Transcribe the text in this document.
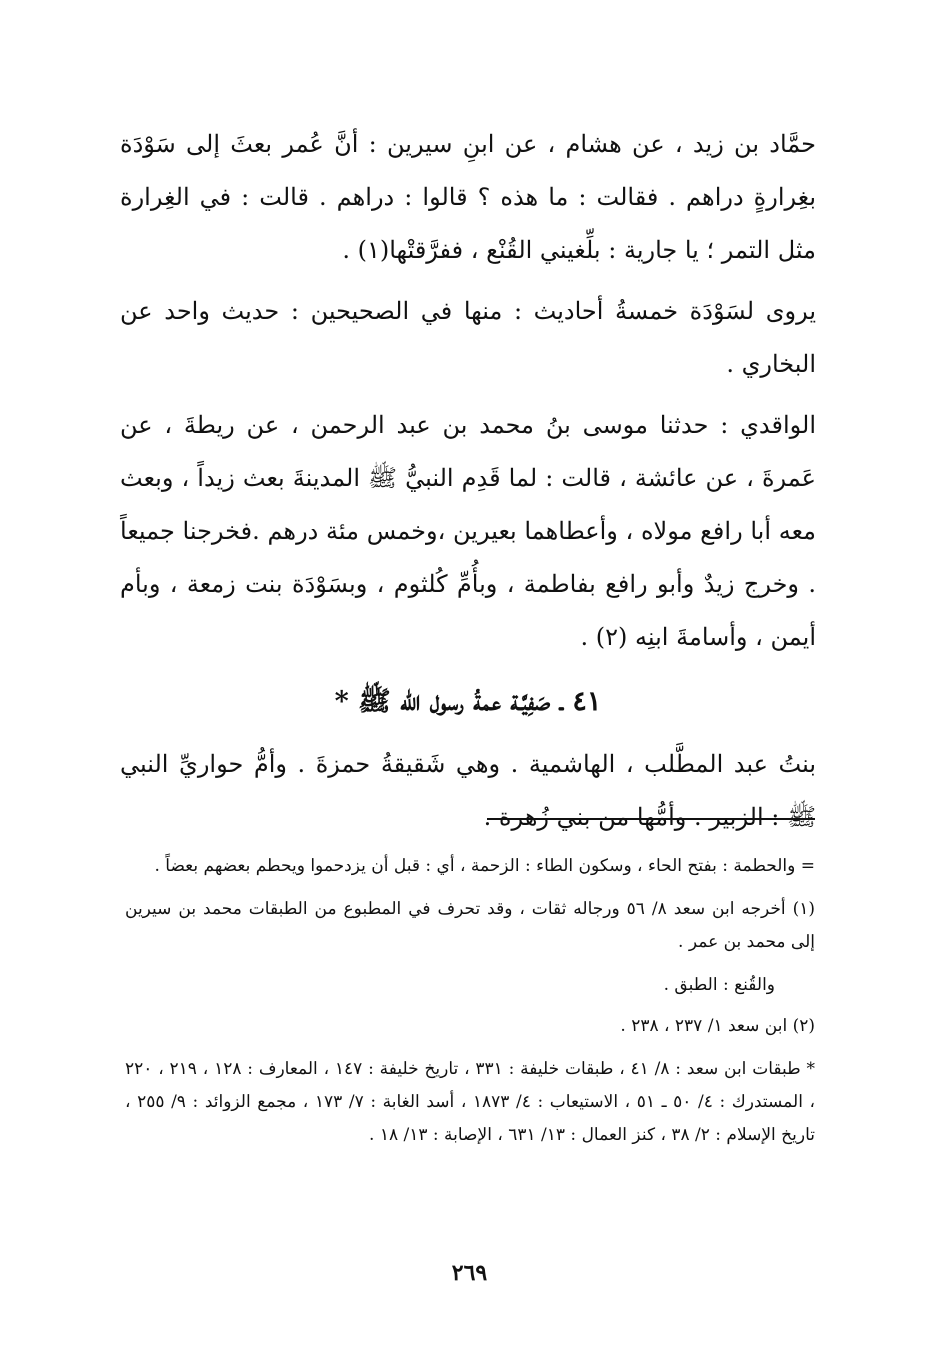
حمَّاد بن زيد ، عن هشام ، عن ابنِ سيرين : أنَّ عُمر بعثَ إلى سَوْدَة بغِرارةٍ دراهم . فقالت : ما هذه ؟ قالوا : دراهم . قالت : في الغِرارة مثل التمر ؛ يا جارية : بلِّغيني القُنْع ، ففرَّقتْها(١) .

يروى لسَوْدَة خمسةُ أحاديث : منها في الصحيحين : حديث واحد عن البخاري .

الواقدي : حدثنا موسى بنُ محمد بن عبد الرحمن ، عن ريطةَ ، عن عَمرةَ ، عن عائشة ، قالت : لما قَدِم النبيُّ ﷺ المدينةَ بعث زيداً ، وبعث معه أبا رافع مولاه ، وأعطاهما بعيرين ،وخمس مئة درهم .فخرجنا جميعاً . وخرج زيدٌ وأبو رافع بفاطمة ، وبأُمِّ كُلثوم ، وبسَوْدَة بنت زمعة ، وبأم أيمن ، وأسامةَ ابنِه (٢) .

٤١ ـ صَفِيَّـة عمةُ رسول الله ﷺ *

بنتُ عبد المطَّلب ، الهاشمية . وهي شَقيقةُ حمزةَ . وأمُّ حواريِّ النبي ﷺ : الزبير . وأمُّها من بني زُهرة .

= والحطمة : بفتح الحاء ، وسكون الطاء : الزحمة ، أي : قبل أن يزدحموا ويحطم بعضهم بعضاً .

(١) أخرجه ابن سعد ٨/ ٥٦ ورجاله ثقات ، وقد تحرف في المطبوع من الطبقات محمد بن سيرين إلى محمد بن عمر .

والقُنع : الطبق .

(٢) ابن سعد ١/ ٢٣٧ ، ٢٣٨ .

* طبقات ابن سعد : ٨/ ٤١ ، طبقات خليفة : ٣٣١ ، تاريخ خليفة : ١٤٧ ، المعارف : ١٢٨ ، ٢١٩ ، ٢٢٠ ، المستدرك : ٤/ ٥٠ ـ ٥١ ، الاستيعاب : ٤/ ١٨٧٣ ، أسد الغابة : ٧/ ١٧٣ ، مجمع الزوائد : ٩/ ٢٥٥ ، تاريخ الإسلام : ٢/ ٣٨ ، كنز العمال : ١٣/ ٦٣١ ، الإصابة : ١٣/ ١٨ .

٢٦٩
